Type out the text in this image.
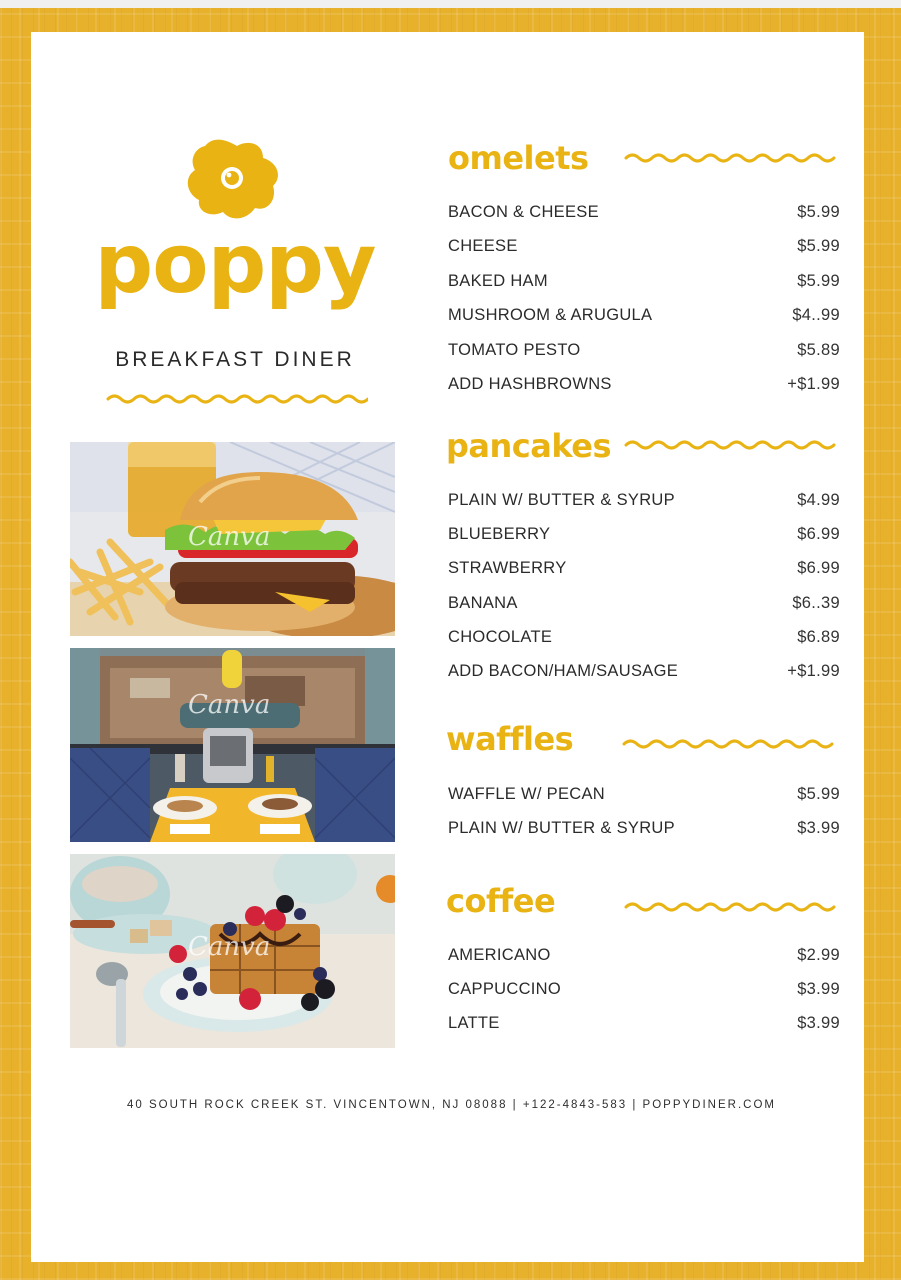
poppy
BREAKFAST DINER
Canva
Canva
Canva
omelets
BACON & CHEESE	$5.99
CHEESE	$5.99
BAKED HAM	$5.99
MUSHROOM & ARUGULA	$4..99
TOMATO PESTO	$5.89
ADD HASHBROWNS	+$1.99
pancakes
PLAIN W/ BUTTER & SYRUP	$4.99
BLUEBERRY	$6.99
STRAWBERRY	$6.99
BANANA	$6..39
CHOCOLATE	$6.89
ADD BACON/HAM/SAUSAGE	+$1.99
waffles
WAFFLE W/ PECAN	$5.99
PLAIN W/ BUTTER & SYRUP	$3.99
coffee
AMERICANO	$2.99
CAPPUCCINO	$3.99
LATTE	$3.99
40 SOUTH ROCK CREEK ST. VINCENTOWN, NJ 08088 | +122-4843-583 | POPPYDINER.COM
